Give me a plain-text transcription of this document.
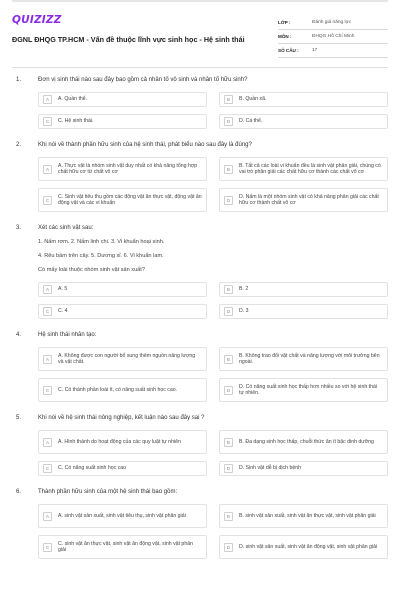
QUIZIZZ
ĐGNL ĐHQG TP.HCM - Vấn đề thuộc lĩnh vực sinh học - Hệ sinh thái
LỚP :	Đánh giá năng lực
MÔN :	ĐHQG Hồ Chí Minh
SỐ CÂU :	17
1.	Đơn vị sinh thái nào sau đây bao gồm cả nhân tố vô sinh và nhân tố hữu sinh?
A	A. Quần thể.	B	B. Quần xã.
C	C. Hệ sinh thái.	D	D. Cá thể.
2.	Khi nói về thành phần hữu sinh của hệ sinh thái, phát biểu nào sau đây là đúng?
A
A. Thực vật là nhóm sinh vật duy nhất có khả năng tổng hợp chất hữu cơ từ chất vô cơ	B
B. Tất cả các loài vi khuẩn đều là sinh vật phân giải, chúng có vai trò phân giải các chất hữu cơ thành các chất vô cơ
C
C. Sinh vật tiêu thụ gồm các động vật ăn thực vật, động vật ăn động vật và các vi khuẩn	D
D. Nấm là một nhóm sinh vật có khả năng phân giải các chất hữu cơ thành chất vô cơ
3.	Xét các sinh vật sau:
1. Nấm rơm. 2. Nấm linh chi. 3. Vi khuẩn hoại sinh.
4. Rêu bám trên cây. 5. Dương xỉ. 6. Vi khuẩn lam.
Có mấy loài thuộc nhóm sinh vật sản xuất?
A	A. 5	B	B. 2
C	C. 4	D	D. 3
4.	Hệ sinh thái nhân tạo:
A
A. Không được con người bổ sung thêm nguồn năng lượng và vật chất.	B
B. Không trao đổi vật chất và năng lượng với môi trường bên ngoài.
C	C. Có thành phần loài ít, có năng suất sinh học cao.	D
D. Có năng suất sinh học thấp hơn nhiều so với hệ sinh thái tự nhiên.
5.	Khi nói về hệ sinh thái nông nghiệp, kết luận nào sau đây sai ?
A	A. Hình thành do hoạt động của các quy luật tự nhiên	B	B. Đa dạng sinh học thấp, chuỗi thức ăn ít bậc dinh dưỡng
C	C. Có năng suất sinh học cao	D	D. Sinh vật dễ bị dịch bệnh
6.	Thành phần hữu sinh của một hệ sinh thái bao gồm:
A	A. sinh vật sản xuất, sinh vật tiêu thụ, sinh vật phân giải	B	B. sinh vật sản xuất, sinh vật ăn thực vật, sinh vật phân giải
C
C. sinh vật ăn thực vật, sinh vật ăn động vật, sinh vật phân giải	D	D. sinh vật sản xuất, sinh vật ăn động vật, sinh vật phân giải
